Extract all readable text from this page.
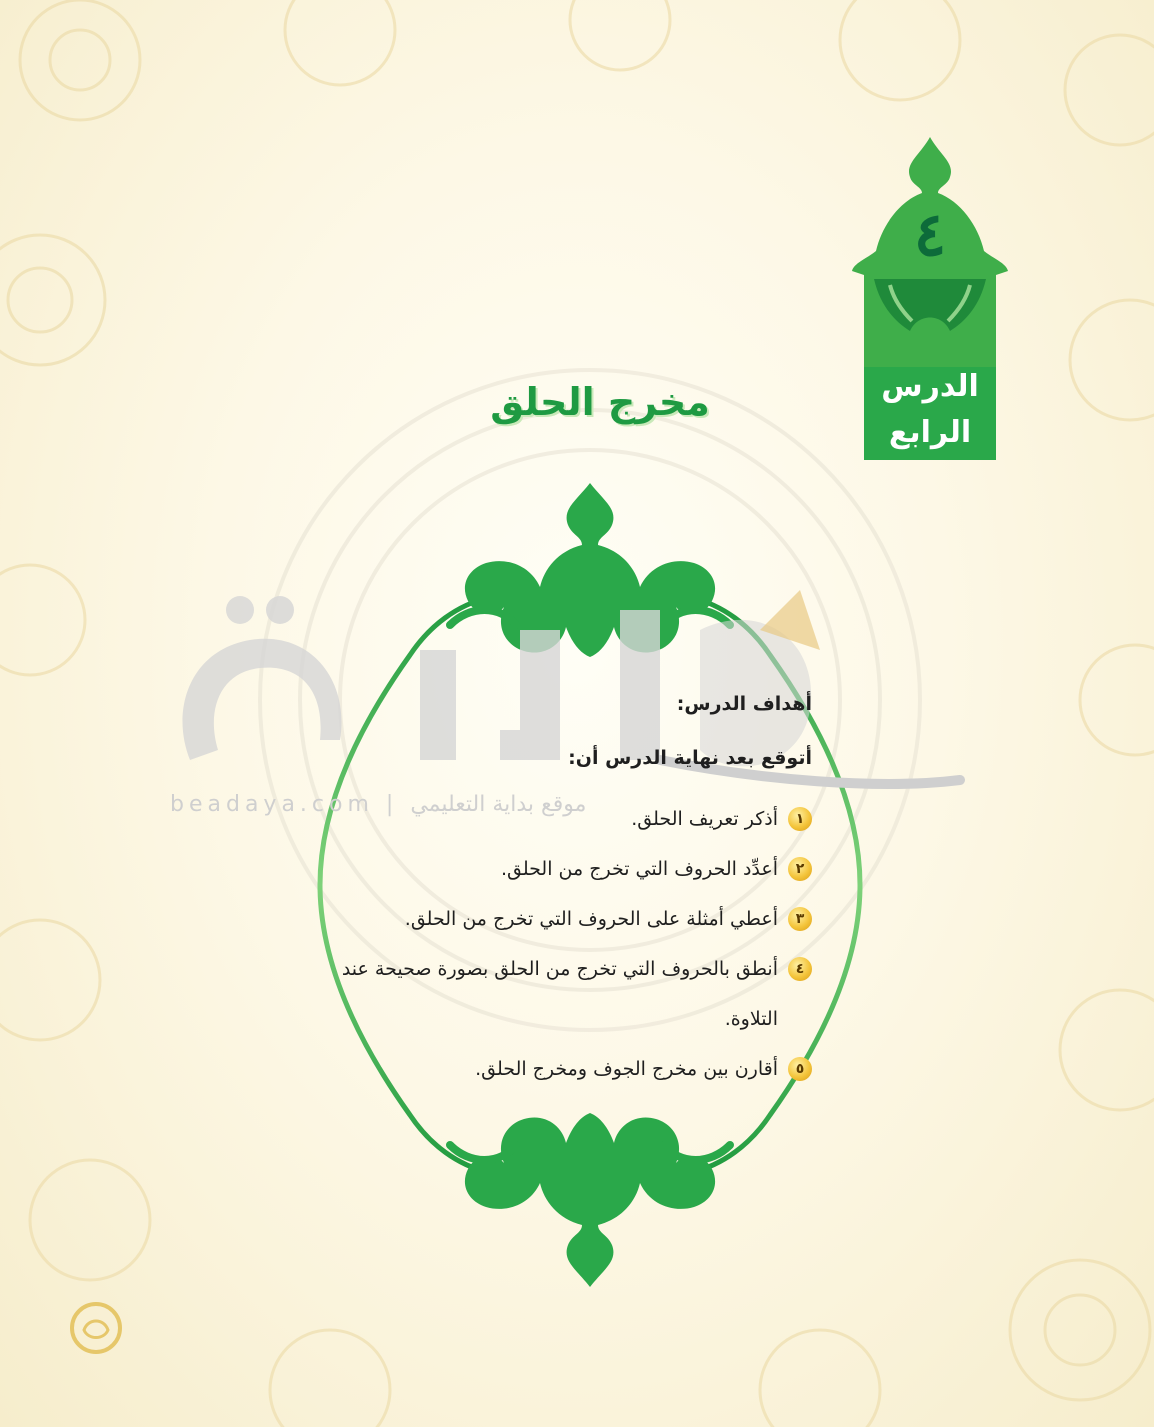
٤
الدرس
الرابع
مخرج الحلق
beadaya.com | موقع بداية التعليمي
أهداف الدرس:
أتوقع بعد نهاية الدرس أن:
١
أذكر تعريف الحلق.
٢
أعدِّد الحروف التي تخرج من الحلق.
٣
أعطي أمثلة على الحروف التي تخرج من الحلق.
٤
أنطق بالحروف التي تخرج من الحلق بصورة صحيحة عند التلاوة.
٥
أقارن بين مخرج الجوف ومخرج الحلق.
